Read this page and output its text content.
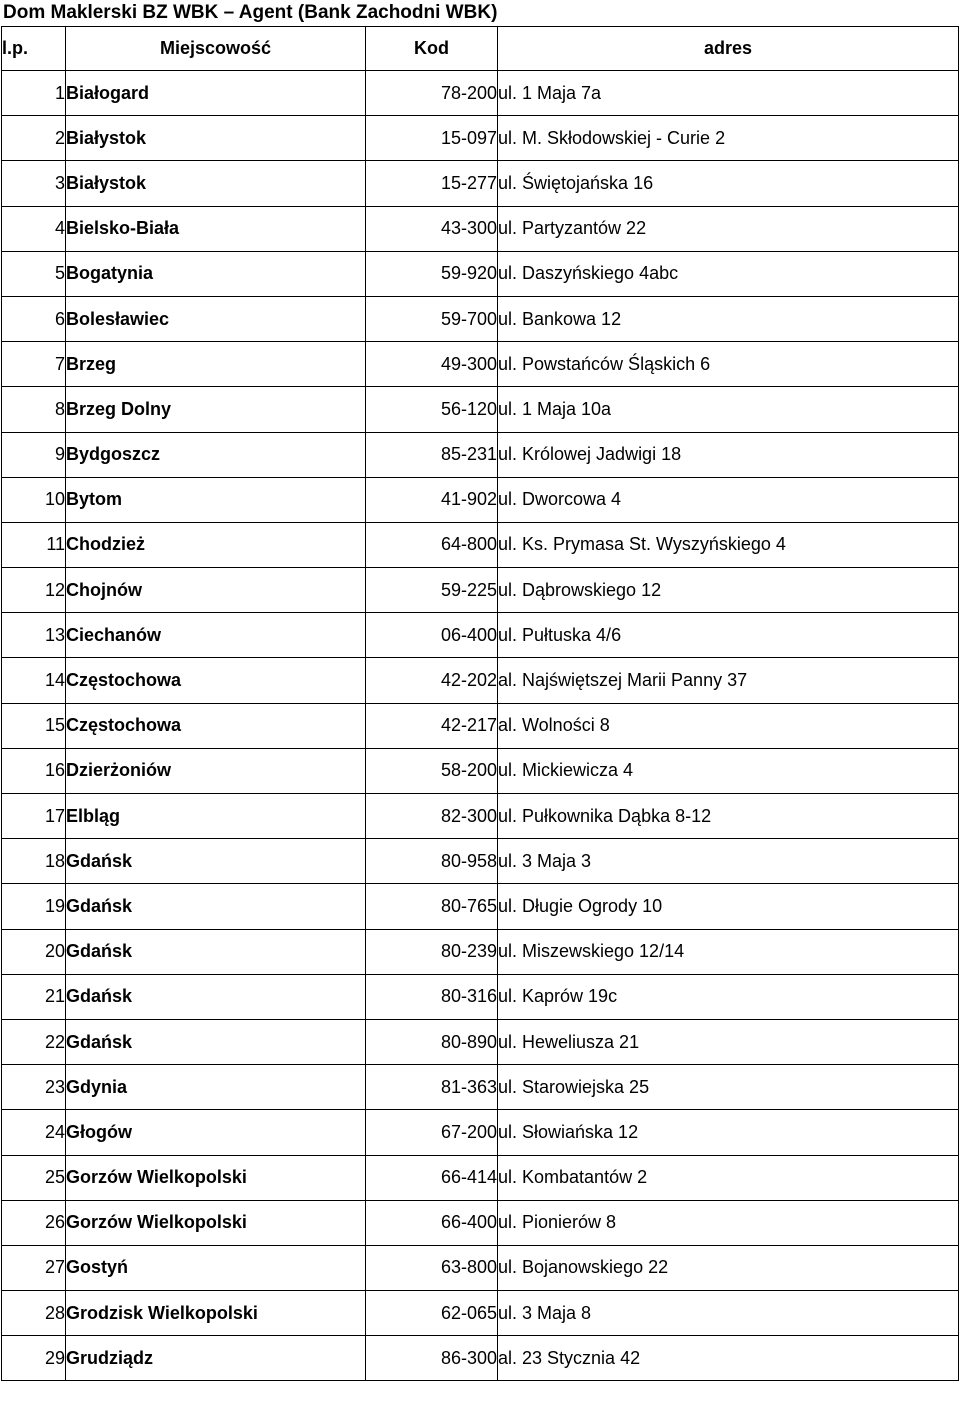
Dom Maklerski BZ WBK – Agent (Bank Zachodni WBK)
l.p.	Miejscowość	Kod	adres
1	Białogard	78-200	ul. 1 Maja 7a
2	Białystok	15-097	ul. M. Skłodowskiej - Curie 2
3	Białystok	15-277	ul. Świętojańska 16
4	Bielsko-Biała	43-300	ul. Partyzantów 22
5	Bogatynia	59-920	ul. Daszyńskiego 4abc
6	Bolesławiec	59-700	ul. Bankowa 12
7	Brzeg	49-300	ul. Powstańców Śląskich 6
8	Brzeg Dolny	56-120	ul. 1 Maja 10a
9	Bydgoszcz	85-231	ul. Królowej Jadwigi 18
10	Bytom	41-902	ul. Dworcowa 4
11	Chodzież	64-800	ul. Ks. Prymasa St. Wyszyńskiego 4
12	Chojnów	59-225	ul. Dąbrowskiego 12
13	Ciechanów	06-400	ul. Pułtuska 4/6
14	Częstochowa	42-202	al. Najświętszej Marii Panny 37
15	Częstochowa	42-217	al. Wolności 8
16	Dzierżoniów	58-200	ul. Mickiewicza 4
17	Elbląg	82-300	ul. Pułkownika Dąbka 8-12
18	Gdańsk	80-958	ul. 3 Maja 3
19	Gdańsk	80-765	ul. Długie Ogrody 10
20	Gdańsk	80-239	ul. Miszewskiego 12/14
21	Gdańsk	80-316	ul. Kaprów 19c
22	Gdańsk	80-890	ul. Heweliusza 21
23	Gdynia	81-363	ul. Starowiejska 25
24	Głogów	67-200	ul. Słowiańska 12
25	Gorzów Wielkopolski	66-414	ul. Kombatantów 2
26	Gorzów Wielkopolski	66-400	ul. Pionierów 8
27	Gostyń	63-800	ul. Bojanowskiego 22
28	Grodzisk Wielkopolski	62-065	ul. 3 Maja 8
29	Grudziądz	86-300	al. 23 Stycznia 42
